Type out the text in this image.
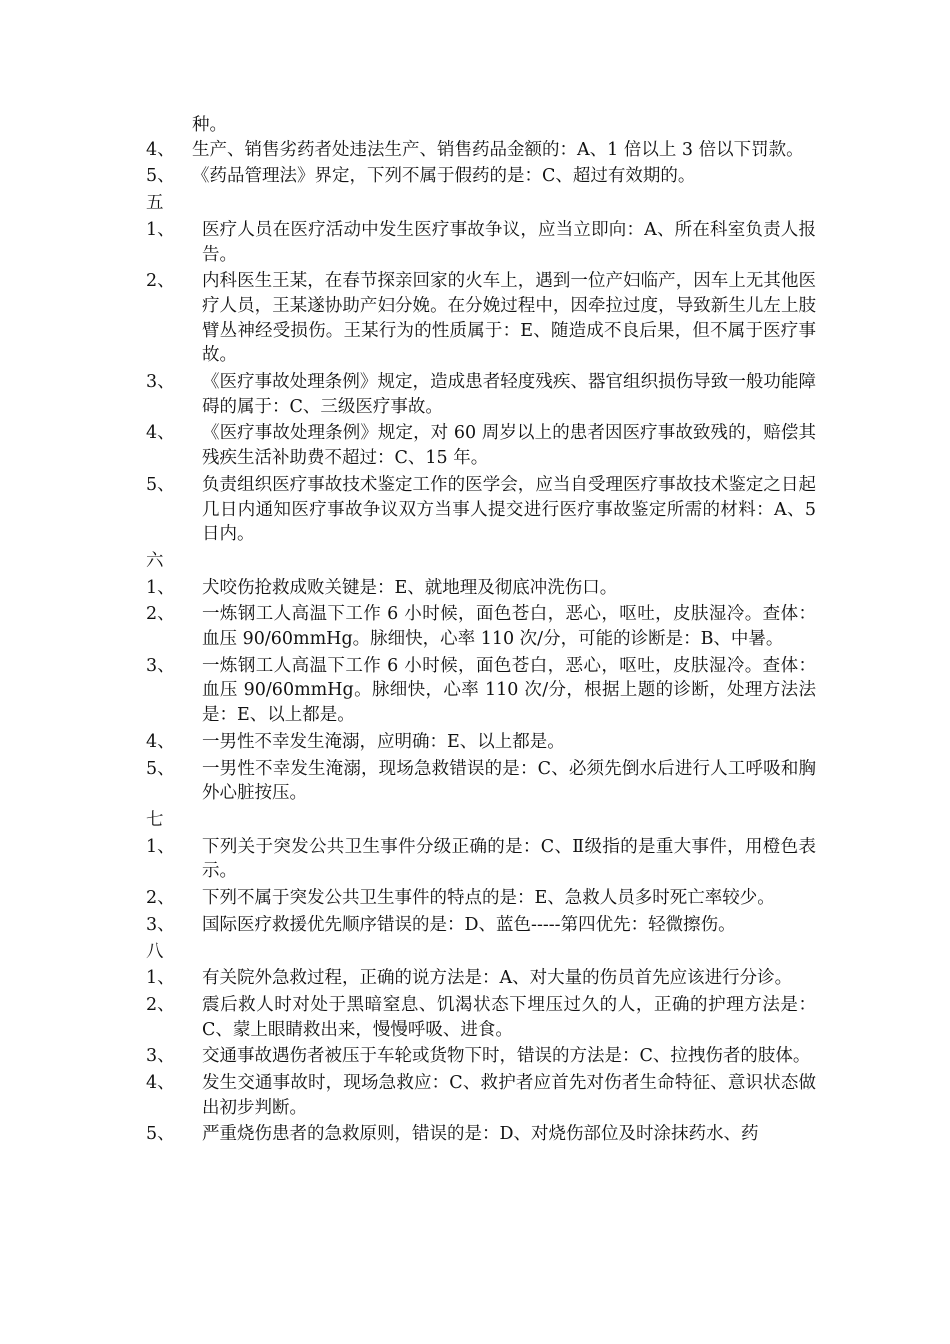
种。
4、 生产、销售劣药者处违法生产、销售药品金额的：A、1 倍以上 3 倍以下罚款。
5、 《药品管理法》界定，下列不属于假药的是：C、超过有效期的。
五
1、	医疗人员在医疗活动中发生医疗事故争议，应当立即向：A、所在科室负责人报告。
2、	内科医生王某，在春节探亲回家的火车上，遇到一位产妇临产，因车上无其他医疗人员，王某遂协助产妇分娩。在分娩过程中，因牵拉过度，导致新生儿左上肢臂丛神经受损伤。王某行为的性质属于：E、随造成不良后果，但不属于医疗事故。
3、	《医疗事故处理条例》规定，造成患者轻度残疾、器官组织损伤导致一般功能障碍的属于：C、三级医疗事故。
4、	《医疗事故处理条例》规定，对 60 周岁以上的患者因医疗事故致残的，赔偿其残疾生活补助费不超过：C、15 年。
5、	负责组织医疗事故技术鉴定工作的医学会，应当自受理医疗事故技术鉴定之日起几日内通知医疗事故争议双方当事人提交进行医疗事故鉴定所需的材料：A、5 日内。
六
1、	犬咬伤抢救成败关键是：E、就地理及彻底冲洗伤口。
2、	一炼钢工人高温下工作 6 小时候，面色苍白，恶心，呕吐，皮肤湿冷。查体：血压 90/60mmHg。脉细快，心率 110 次/分，可能的诊断是：B、中暑。
3、	一炼钢工人高温下工作 6 小时候，面色苍白，恶心，呕吐，皮肤湿冷。查体：血压 90/60mmHg。脉细快，心率 110 次/分，根据上题的诊断，处理方法法是：E、以上都是。
4、	一男性不幸发生淹溺，应明确：E、以上都是。
5、	一男性不幸发生淹溺，现场急救错误的是：C、必须先倒水后进行人工呼吸和胸外心脏按压。
七
1、	下列关于突发公共卫生事件分级正确的是：C、Ⅱ级指的是重大事件，用橙色表示。
2、	下列不属于突发公共卫生事件的特点的是：E、急救人员多时死亡率较少。
3、	国际医疗救援优先顺序错误的是：D、蓝色-----第四优先：轻微擦伤。
八
1、	有关院外急救过程，正确的说方法是：A、对大量的伤员首先应该进行分诊。
2、	震后救人时对处于黑暗窒息、饥渴状态下埋压过久的人，正确的护理方法是：C、蒙上眼睛救出来，慢慢呼吸、进食。
3、	交通事故遇伤者被压于车轮或货物下时，错误的方法是：C、拉拽伤者的肢体。
4、	发生交通事故时，现场急救应：C、救护者应首先对伤者生命特征、意识状态做出初步判断。
5、	严重烧伤患者的急救原则，错误的是：D、对烧伤部位及时涂抹药水、药
